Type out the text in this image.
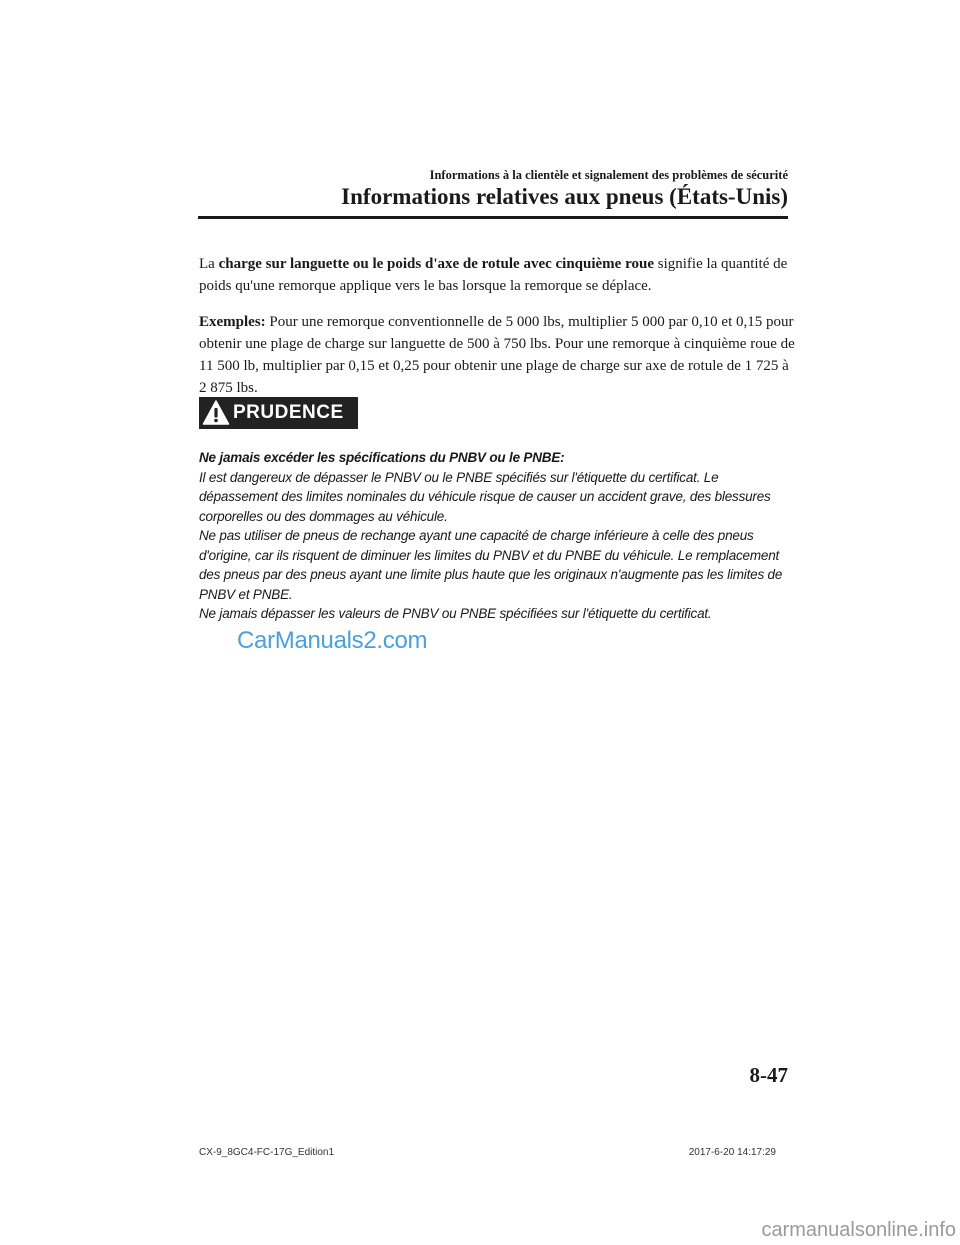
Informations à la clientèle et signalement des problèmes de sécurité
Informations relatives aux pneus (États-Unis)

La charge sur languette ou le poids d'axe de rotule avec cinquième roue signifie la quantité de poids qu'une remorque applique vers le bas lorsque la remorque se déplace.

Exemples: Pour une remorque conventionnelle de 5 000 lbs, multiplier 5 000 par 0,10 et 0,15 pour obtenir une plage de charge sur languette de 500 à 750 lbs. Pour une remorque à cinquième roue de 11 500 lb, multiplier par 0,15 et 0,25 pour obtenir une plage de charge sur axe de rotule de 1 725 à 2 875 lbs.

PRUDENCE
Ne jamais excéder les spécifications du PNBV ou le PNBE:
Il est dangereux de dépasser le PNBV ou le PNBE spécifiés sur l'étiquette du certificat. Le dépassement des limites nominales du véhicule risque de causer un accident grave, des blessures corporelles ou des dommages au véhicule.
Ne pas utiliser de pneus de rechange ayant une capacité de charge inférieure à celle des pneus d'origine, car ils risquent de diminuer les limites du PNBV et du PNBE du véhicule. Le remplacement des pneus par des pneus ayant une limite plus haute que les originaux n'augmente pas les limites de PNBV et PNBE.
Ne jamais dépasser les valeurs de PNBV ou PNBE spécifiées sur l'étiquette du certificat.
CarManuals2.com
8-47
CX-9_8GC4-FC-17G_Edition1	2017-6-20 14:17:29
carmanualsonline.info
